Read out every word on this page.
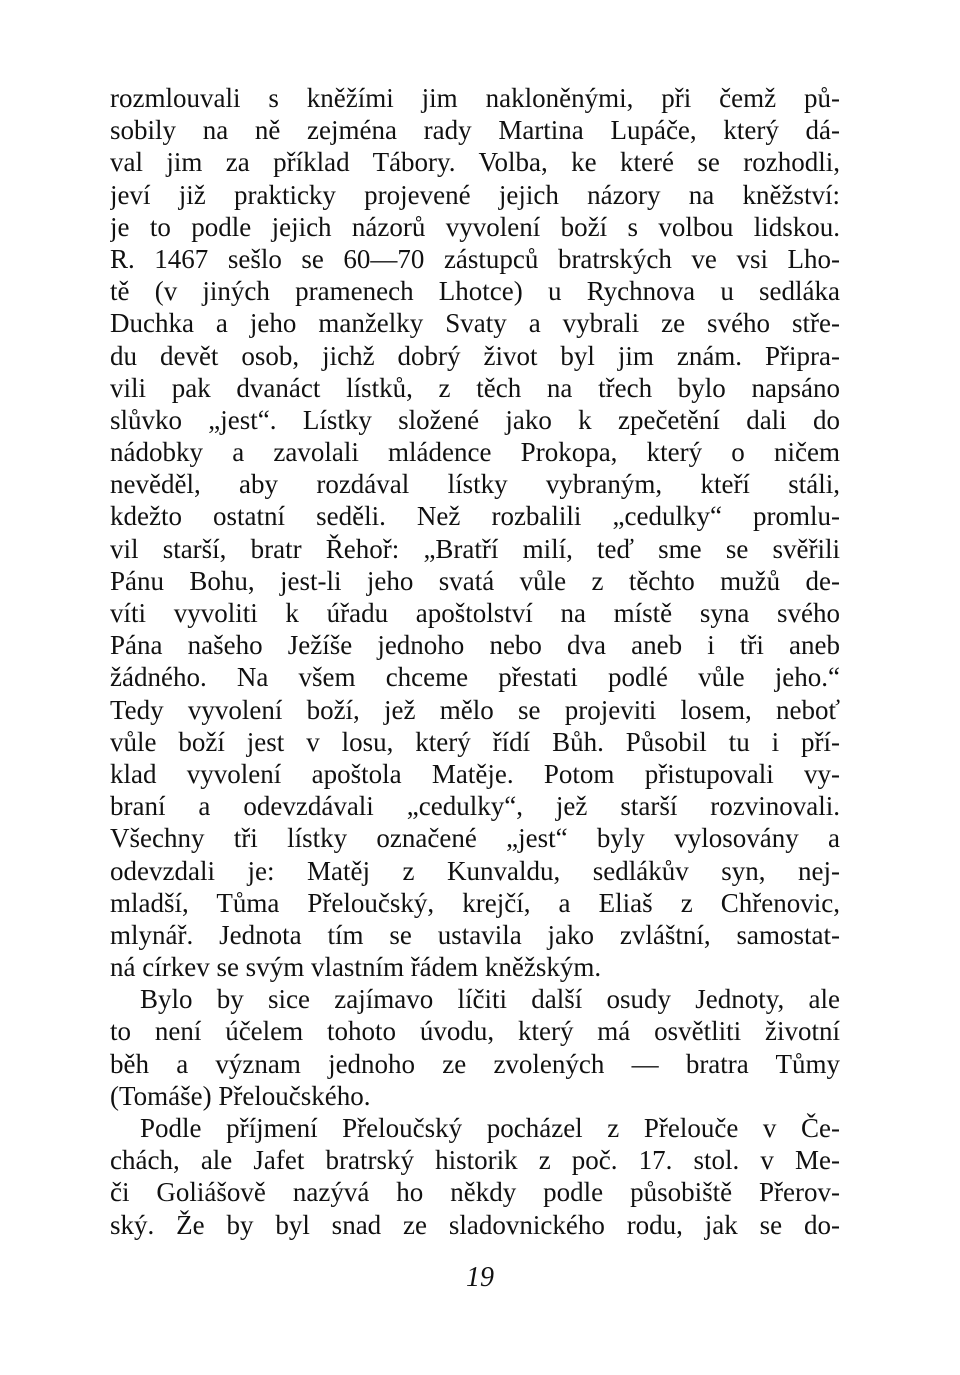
rozmlouvali s kněžími jim nakloněnými, při čemž pů-
sobily na ně zejména rady Martina Lupáče, který dá-
val jim za příklad Tábory. Volba, ke které se rozhodli,
jeví již prakticky projevené jejich názory na kněžství:
je to podle jejich názorů vyvolení boží s volbou lidskou.
R. 1467 sešlo se 60—70 zástupců bratrských ve vsi Lho-
tě (v jiných pramenech Lhotce) u Rychnova u sedláka
Duchka a jeho manželky Svaty a vybrali ze svého stře-
du devět osob, jichž dobrý život byl jim znám. Připra-
vili pak dvanáct lístků, z těch na třech bylo napsáno
slůvko „jest“. Lístky složené jako k zpečetění dali do
nádobky a zavolali mládence Prokopa, který o ničem
nevěděl, aby rozdával lístky vybraným, kteří stáli,
kdežto ostatní seděli. Než rozbalili „cedulky“ promlu-
vil starší, bratr Řehoř: „Bratří milí, teď sme se svěřili
Pánu Bohu, jest-li jeho svatá vůle z těchto mužů de-
víti vyvoliti k úřadu apoštolství na místě syna svého
Pána našeho Ježíše jednoho nebo dva aneb i tři aneb
žádného. Na všem chceme přestati podlé vůle jeho.“
Tedy vyvolení boží, jež mělo se projeviti losem, neboť
vůle boží jest v losu, který řídí Bůh. Působil tu i pří-
klad vyvolení apoštola Matěje. Potom přistupovali vy-
braní a odevzdávali „cedulky“, jež starší rozvinovali.
Všechny tři lístky označené „jest“ byly vylosovány a
odevzdali je: Matěj z Kunvaldu, sedlákův syn, nej-
mladší, Tůma Přeloučský, krejčí, a Eliaš z Chřenovic,
mlynář. Jednota tím se ustavila jako zvláštní, samostat-
ná církev se svým vlastním řádem kněžským.
Bylo by sice zajímavo líčiti další osudy Jednoty, ale
to není účelem tohoto úvodu, který má osvětliti životní
běh a význam jednoho ze zvolených — bratra Tůmy
(Tomáše) Přeloučského.
Podle příjmení Přeloučský pocházel z Přelouče v Če-
chách, ale Jafet bratrský historik z poč. 17. stol. v Me-
či Goliášově nazývá ho někdy podle působiště Přerov-
ský. Že by byl snad ze sladovnického rodu, jak se do-
19
